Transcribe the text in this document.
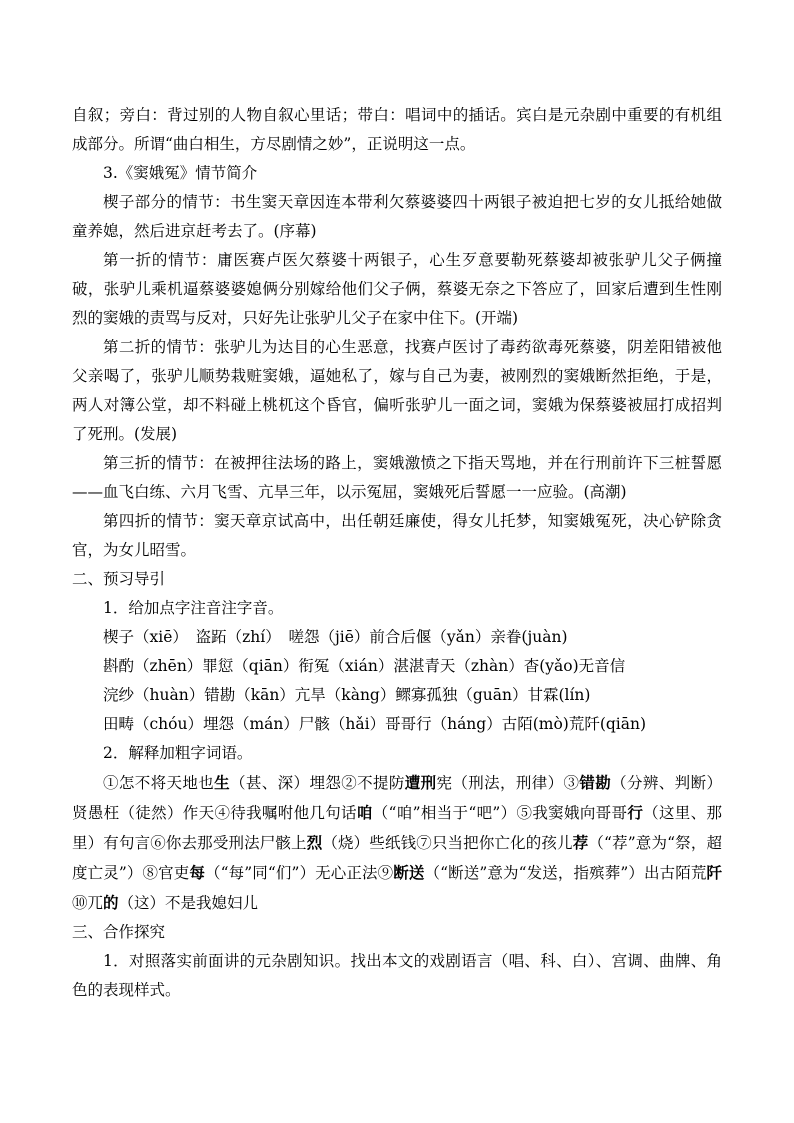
自叙；旁白：背过别的人物自叙心里话；带白：唱词中的插话。宾白是元杂剧中重要的有机组成部分。所谓“曲白相生，方尽剧情之妙”，正说明这一点。

3.《窦娥冤》情节简介

楔子部分的情节：书生窦天章因连本带利欠蔡婆婆四十两银子被迫把七岁的女儿抵给她做童养媳，然后进京赶考去了。(序幕)

第一折的情节：庸医赛卢医欠蔡婆十两银子，心生歹意要勒死蔡婆却被张驴儿父子俩撞破，张驴儿乘机逼蔡婆婆媳俩分别嫁给他们父子俩，蔡婆无奈之下答应了，回家后遭到生性刚烈的窦娥的责骂与反对，只好先让张驴儿父子在家中住下。(开端)

第二折的情节：张驴儿为达目的心生恶意，找赛卢医讨了毒药欲毒死蔡婆，阴差阳错被他父亲喝了，张驴儿顺势栽赃窦娥，逼她私了，嫁与自己为妻，被刚烈的窦娥断然拒绝，于是，两人对簿公堂，却不料碰上桃杌这个昏官，偏听张驴儿一面之词，窦娥为保蔡婆被屈打成招判了死刑。(发展)

第三折的情节：在被押往法场的路上，窦娥激愤之下指天骂地，并在行刑前许下三桩誓愿——血飞白练、六月飞雪、亢旱三年，以示冤屈，窦娥死后誓愿一一应验。(高潮)

第四折的情节：窦天章京试高中，出任朝廷廉使，得女儿托梦，知窦娥冤死，决心铲除贪官，为女儿昭雪。

二、预习导引

1．给加点字注音注字音。

楔子（xiē）　盗跖（zhí）　嗟怨（jiē）前合后偃（yǎn）亲眷(juàn)

斟酌（zhēn）罪愆（qiān）衔冤（xián）湛湛青天（zhàn）杳(yǎo)无音信

浣纱（huàn）错勘（kān）亢旱（kàng）鳏寡孤独（guān）甘霖(lín)

田畴（chóu）埋怨（mán）尸骸（hǎi）哥哥行（háng）古陌(mò)荒阡(qiān)

2．解释加粗字词语。

①怎不将天地也生（甚、深）埋怨②不提防遭刑宪（刑法，刑律）③错勘（分辨、判断）贤愚枉（徒然）作天④待我嘱咐他几句话咱（“咱”相当于“吧”）⑤我窦娥向哥哥行（这里、那里）有句言⑥你去那受刑法尸骸上烈（烧）些纸钱⑦只当把你亡化的孩儿荐（“荐”意为“祭，超度亡灵”）⑧官吏每（“每”同“们”）无心正法⑨断送（“断送”意为“发送，指殡葬”）出古陌荒阡⑩兀的（这）不是我媳妇儿

三、合作探究

1．对照落实前面讲的元杂剧知识。找出本文的戏剧语言（唱、科、白）、宫调、曲牌、角色的表现样式。
